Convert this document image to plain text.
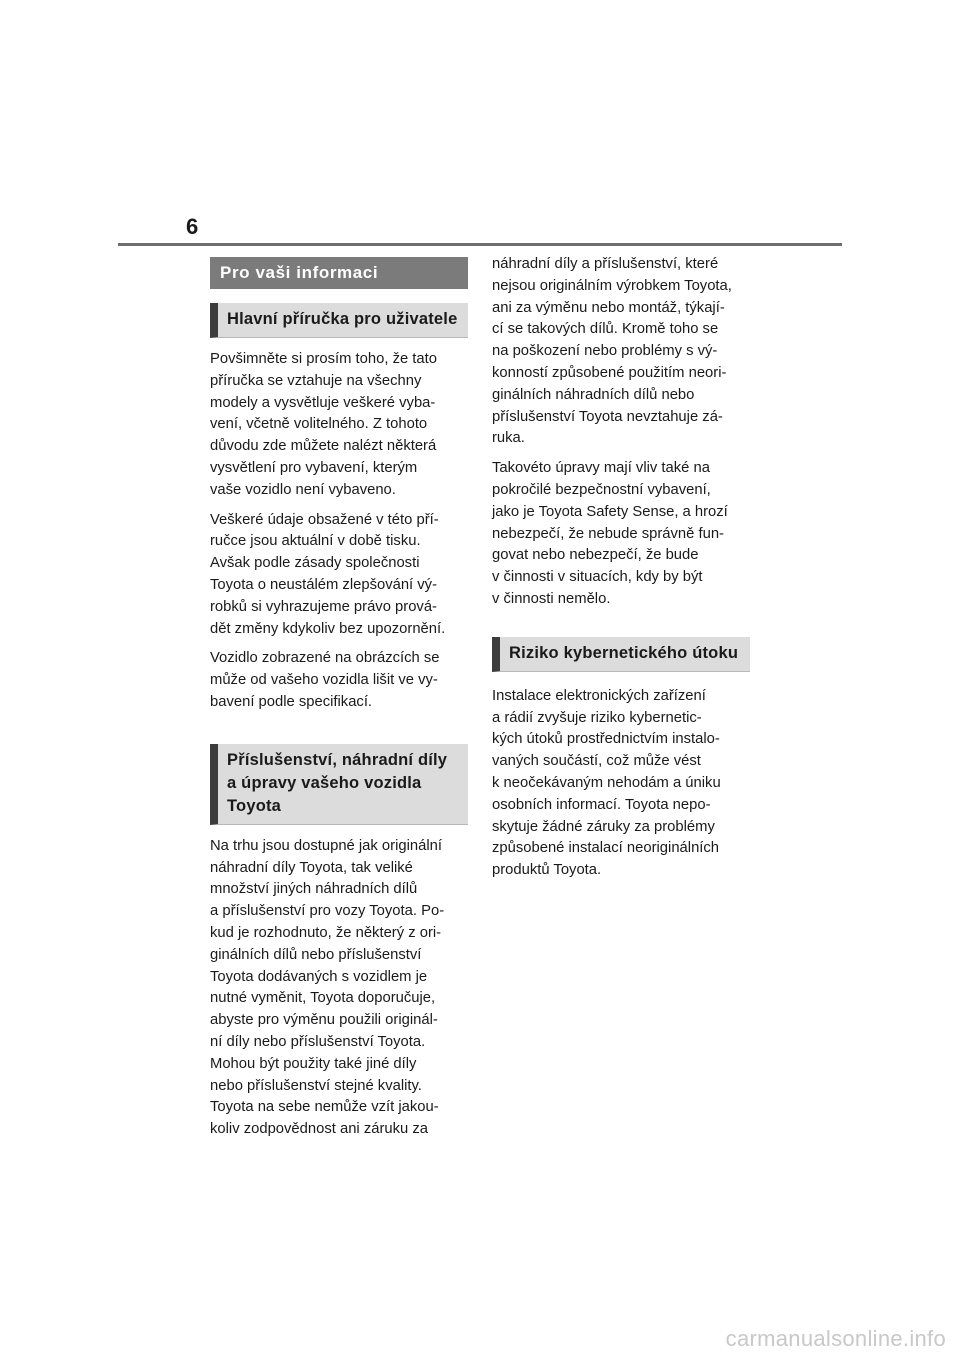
6
Pro vaši informaci
Hlavní příručka pro uživatele

Povšimněte si prosím toho, že tato
příručka se vztahuje na všechny
modely a vysvětluje veškeré vyba-
vení, včetně volitelného. Z tohoto
důvodu zde můžete nalézt některá
vysvětlení pro vybavení, kterým
vaše vozidlo není vybaveno.

Veškeré údaje obsažené v této pří-
ručce jsou aktuální v době tisku.
Avšak podle zásady společnosti
Toyota o neustálém zlepšování vý-
robků si vyhrazujeme právo prová-
dět změny kdykoliv bez upozornění.

Vozidlo zobrazené na obrázcích se
může od vašeho vozidla lišit ve vy-
bavení podle specifikací.

Příslušenství, náhradní díly
a úpravy vašeho vozidla
Toyota

Na trhu jsou dostupné jak originální
náhradní díly Toyota, tak veliké
množství jiných náhradních dílů
a příslušenství pro vozy Toyota. Po-
kud je rozhodnuto, že některý z ori-
ginálních dílů nebo příslušenství
Toyota dodávaných s vozidlem je
nutné vyměnit, Toyota doporučuje,
abyste pro výměnu použili originál-
ní díly nebo příslušenství Toyota.
Mohou být použity také jiné díly
nebo příslušenství stejné kvality.
Toyota na sebe nemůže vzít jakou-
koliv zodpovědnost ani záruku za

náhradní díly a příslušenství, které
nejsou originálním výrobkem Toyota,
ani za výměnu nebo montáž, týkají-
cí se takových dílů. Kromě toho se
na poškození nebo problémy s vý-
konností způsobené použitím neori-
ginálních náhradních dílů nebo
příslušenství Toyota nevztahuje zá-
ruka.

Takovéto úpravy mají vliv také na
pokročilé bezpečnostní vybavení,
jako je Toyota Safety Sense, a hrozí
nebezpečí, že nebude správně fun-
govat nebo nebezpečí, že bude
v činnosti v situacích, kdy by být
v činnosti nemělo.

Riziko kybernetického útoku

Instalace elektronických zařízení
a rádií zvyšuje riziko kybernetic-
kých útoků prostřednictvím instalo-
vaných součástí, což může vést
k neočekávaným nehodám a úniku
osobních informací. Toyota nepo-
skytuje žádné záruky za problémy
způsobené instalací neoriginálních
produktů Toyota.

carmanualsonline.info
